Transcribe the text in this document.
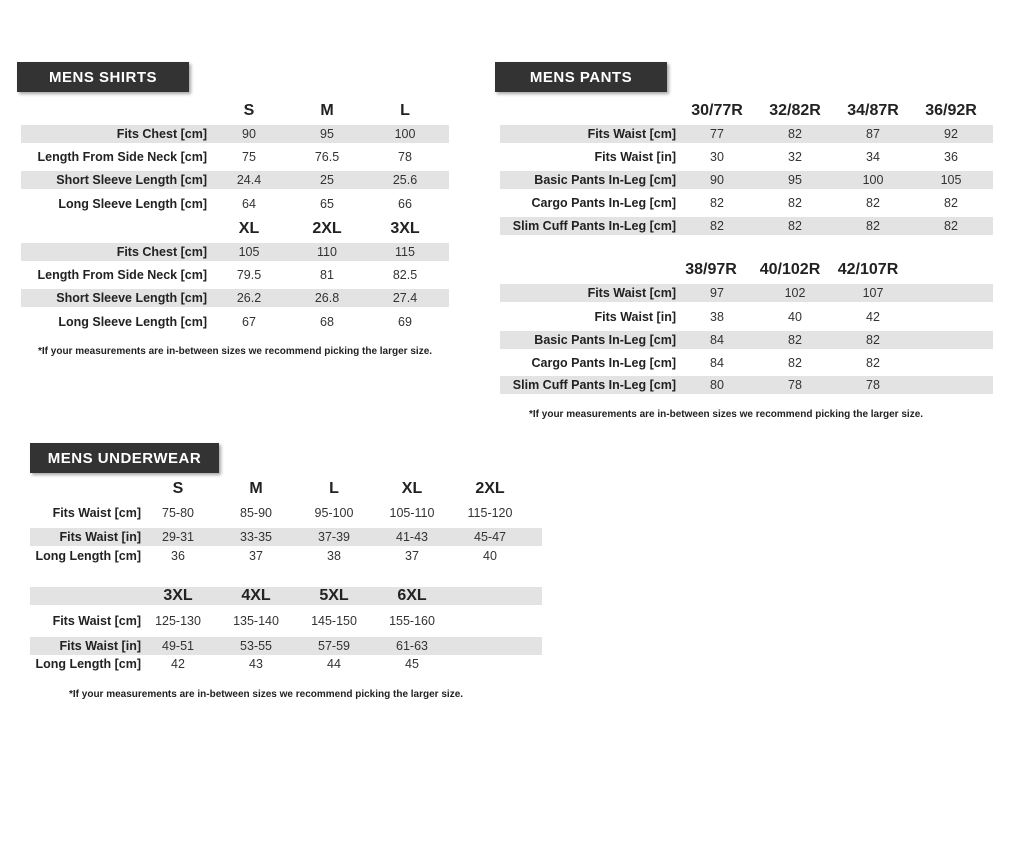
MENS SHIRTS
S	M	L
Fits Chest [cm]	90	95	100
Length From Side Neck [cm]	75	76.5	78
Short Sleeve Length [cm]	24.4	25	25.6
Long Sleeve Length [cm]	64	65	66
XL	2XL	3XL
Fits Chest [cm]	105	110	115
Length From Side Neck [cm]	79.5	81	82.5
Short Sleeve Length [cm]	26.2	26.8	27.4
Long Sleeve Length [cm]	67	68	69
*If your measurements are in-between sizes we recommend picking the larger size.
MENS PANTS
30/77R	32/82R	34/87R	36/92R
Fits Waist [cm]	77	82	87	92
Fits Waist [in]	30	32	34	36
Basic Pants In-Leg [cm]	90	95	100	105
Cargo Pants In-Leg [cm]	82	82	82	82
Slim Cuff Pants In-Leg [cm]	82	82	82	82
38/97R	40/102R	42/107R
Fits Waist [cm]	97	102	107
Fits Waist [in]	38	40	42
Basic Pants In-Leg [cm]	84	82	82
Cargo Pants In-Leg [cm]	84	82	82
Slim Cuff Pants In-Leg [cm]	80	78	78
*If your measurements are in-between sizes we recommend picking the larger size.
MENS UNDERWEAR
S	M	L	XL	2XL
Fits Waist [cm]	75-80	85-90	95-100	105-110	115-120
Fits Waist [in]	29-31	33-35	37-39	41-43	45-47
Long Length [cm]	36	37	38	37	40
3XL	4XL	5XL	6XL
Fits Waist [cm]	125-130	135-140	145-150	155-160
Fits Waist [in]	49-51	53-55	57-59	61-63
Long Length [cm]	42	43	44	45
*If your measurements are in-between sizes we recommend picking the larger size.
